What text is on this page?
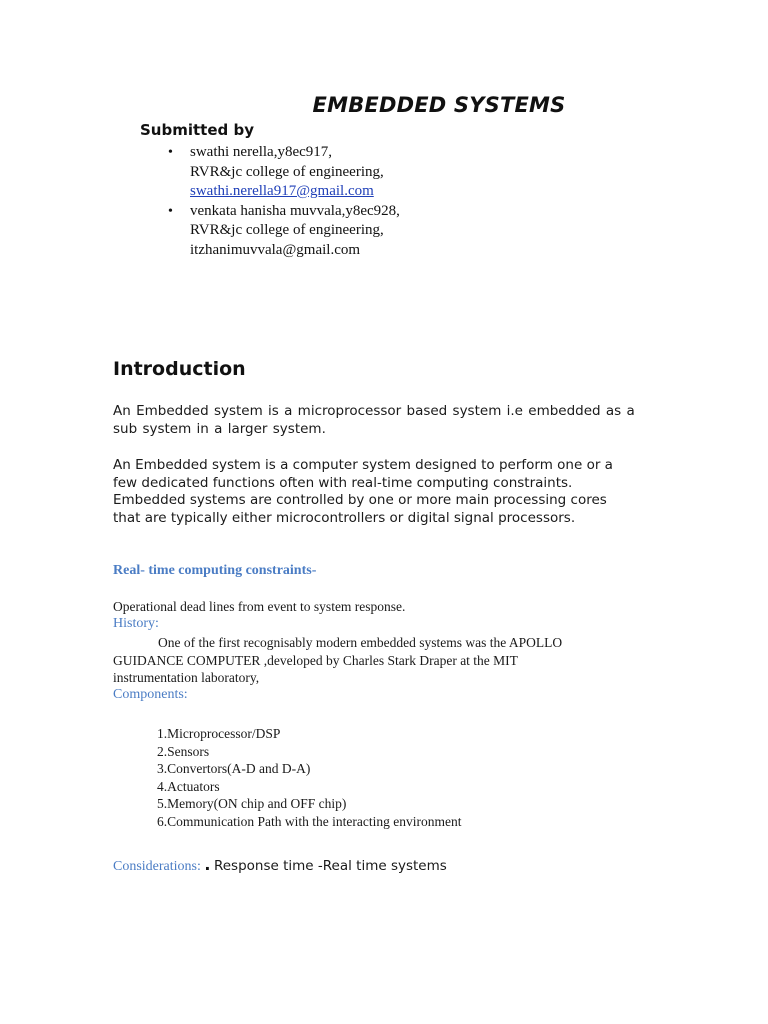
EMBEDDED SYSTEMS

Submitted by

• swathi nerella,y8ec917,
RVR&jc college of engineering,
swathi.nerella917@gmail.com
• venkata hanisha muvvala,y8ec928,
RVR&jc college of engineering,
itzhanimuvvala@gmail.com
Introduction

An Embedded system is a microprocessor based system i.e embedded as a sub system in a larger system.

An Embedded system is a computer system designed to perform one or a few dedicated functions often with real-time computing constraints.

Embedded systems are controlled by one or more main processing cores that are typically either microcontrollers or digital signal processors.

Real- time computing constraints-

Operational dead lines from event to system response.

History:
One of the first recognisably modern embedded systems was the APOLLO
GUIDANCE COMPUTER ,developed by Charles Stark Draper at the MIT
instrumentation laboratory,
Components:
1.Microprocessor/DSP
2.Sensors
3.Convertors(A-D and D-A)
4.Actuators
5.Memory(ON chip and OFF chip)
6.Communication Path with the interacting environment

Considerations: . Response time -Real time systems
